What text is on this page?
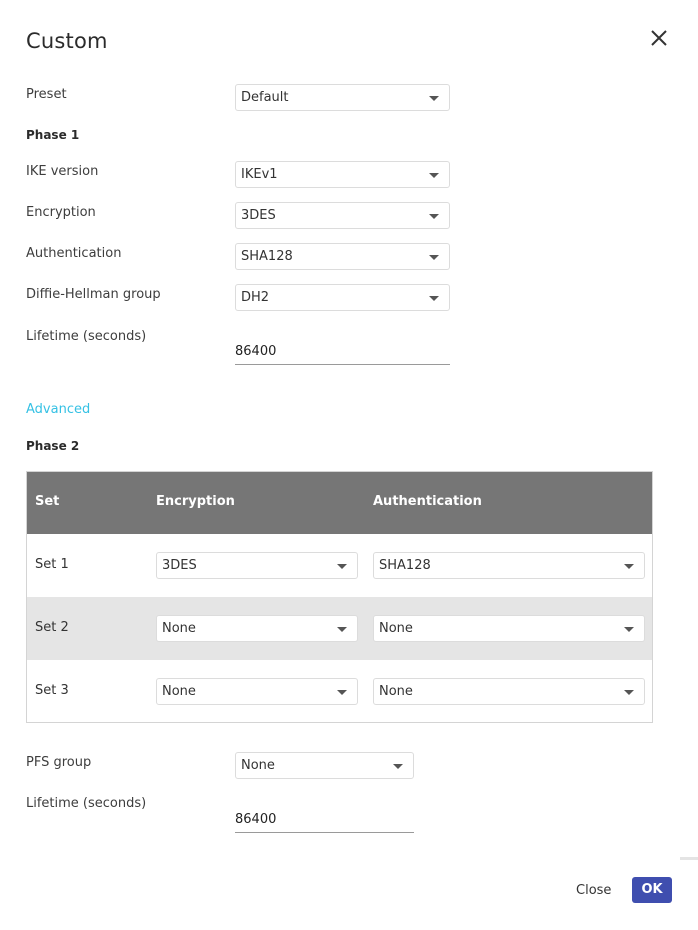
Custom
Preset	Default
Phase 1
IKE version	IKEv1
Encryption	3DES
Authentication	SHA128
Diffie-Hellman group	DH2
Lifetime (seconds)
86400
Advanced
Phase 2
Set	Encryption	Authentication
Set 1	3DES	SHA128
Set 2	None	None
Set 3	None	None
PFS group	None
Lifetime (seconds)
86400
Close	OK
